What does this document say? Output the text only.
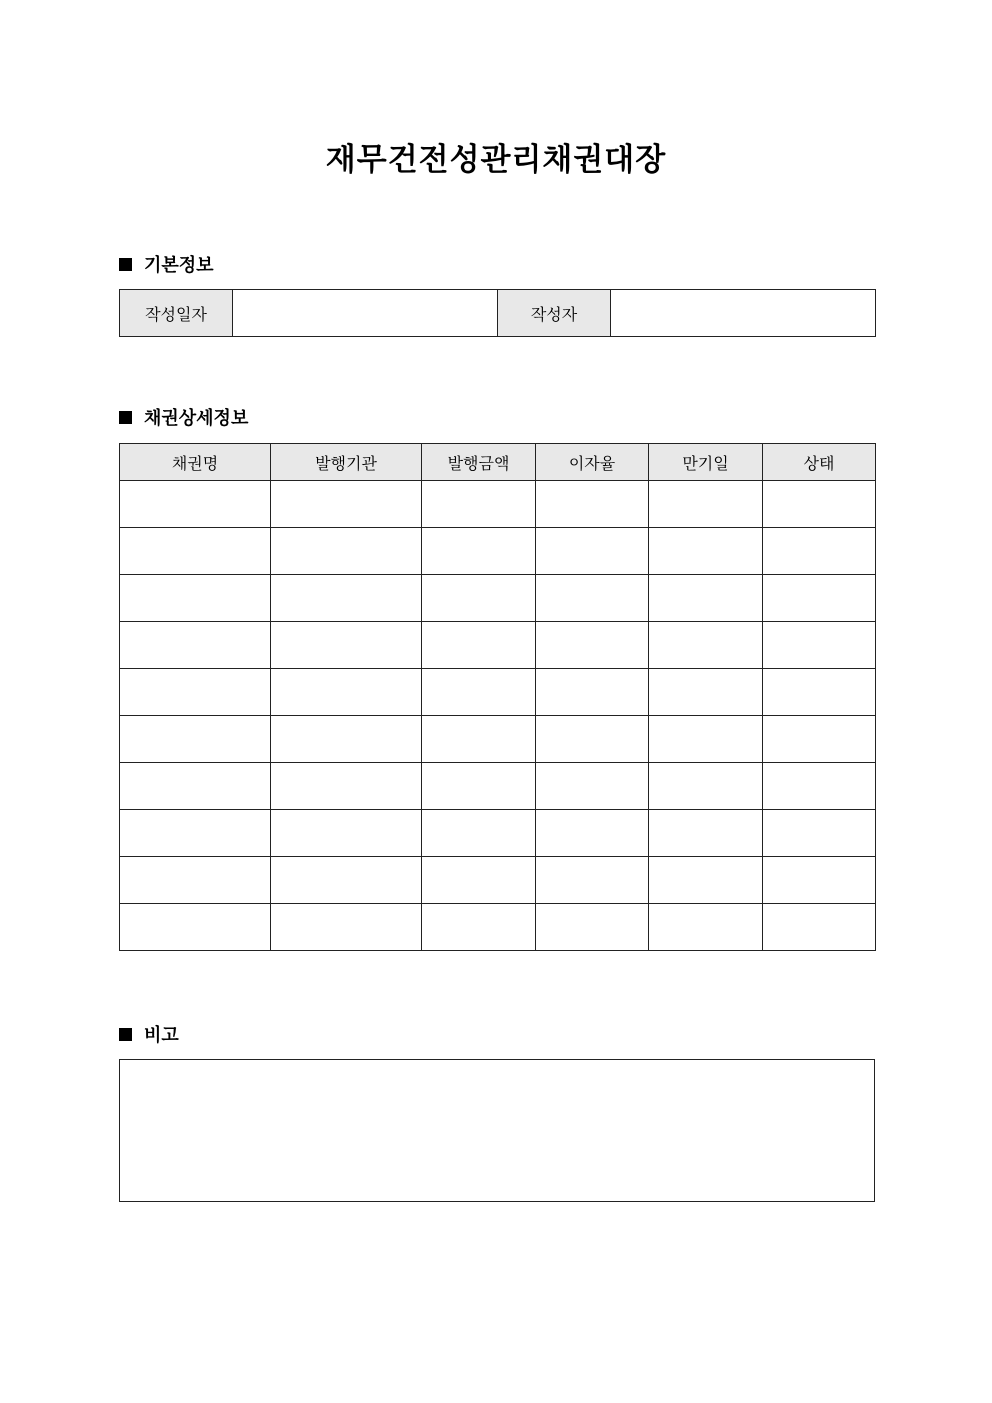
재무건전성관리채권대장
기본정보
작성일자		작성자	
채권상세정보
채권명	발행기관	발행금액	이자율	만기일	상태

비고
